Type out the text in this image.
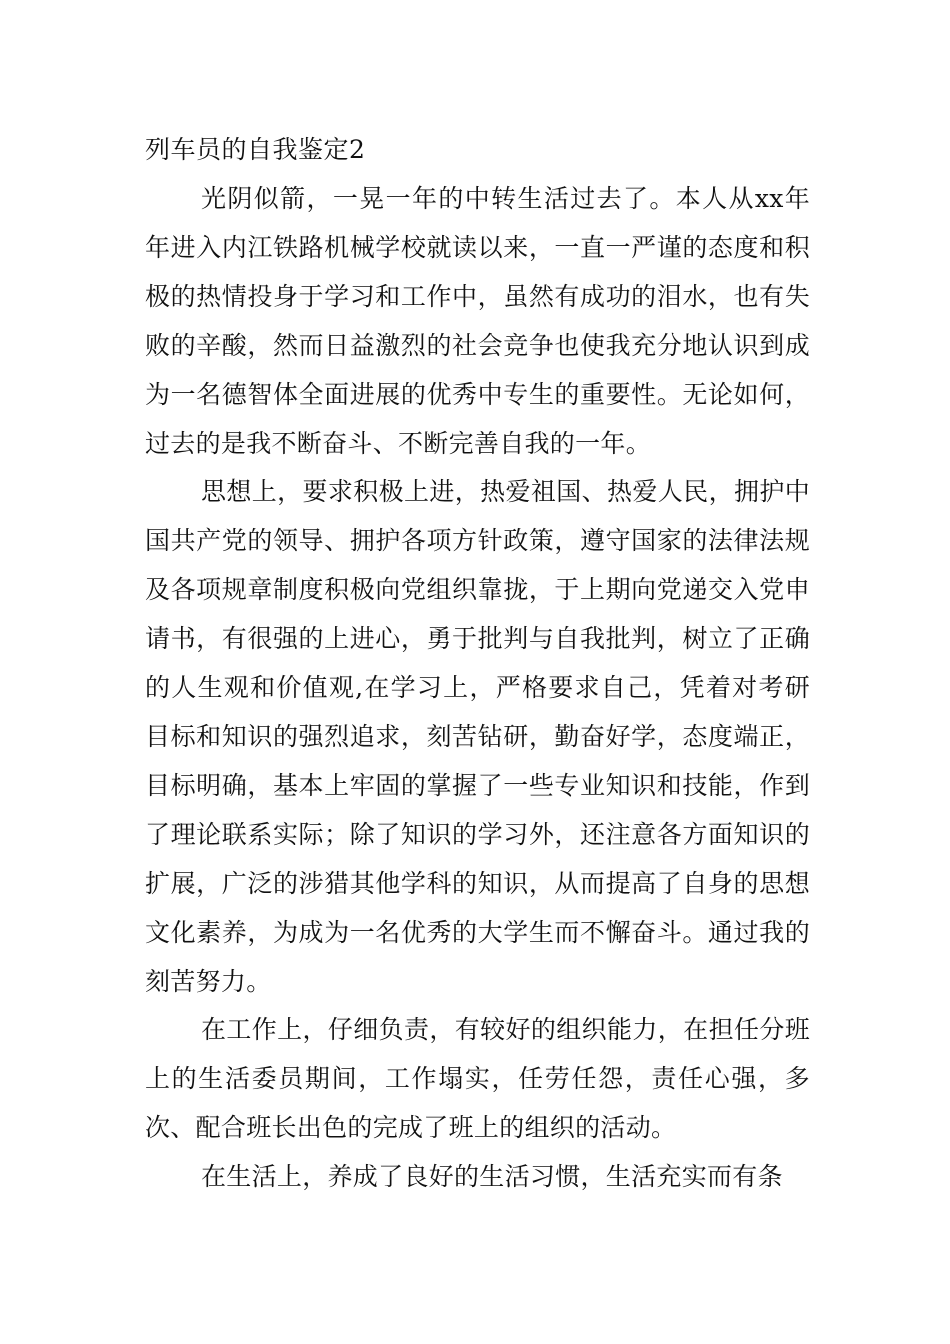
列车员的自我鉴定2

光阴似箭，一晃一年的中转生活过去了。本人从xx年年进入内江铁路机械学校就读以来，一直一严谨的态度和积极的热情投身于学习和工作中，虽然有成功的泪水，也有失败的辛酸，然而日益激烈的社会竞争也使我充分地认识到成为一名德智体全面进展的优秀中专生的重要性。无论如何，过去的是我不断奋斗、不断完善自我的一年。

思想上，要求积极上进，热爱祖国、热爱人民，拥护中国共产党的领导、拥护各项方针政策，遵守国家的法律法规及各项规章制度积极向党组织靠拢，于上期向党递交入党申请书，有很强的上进心，勇于批判与自我批判，树立了正确的人生观和价值观,在学习上，严格要求自己，凭着对考研目标和知识的强烈追求，刻苦钻研，勤奋好学，态度端正，目标明确，基本上牢固的掌握了一些专业知识和技能，作到了理论联系实际；除了知识的学习外，还注意各方面知识的扩展，广泛的涉猎其他学科的知识，从而提高了自身的思想文化素养，为成为一名优秀的大学生而不懈奋斗。通过我的刻苦努力。

在工作上，仔细负责，有较好的组织能力，在担任分班上的生活委员期间，工作塌实，任劳任怨，责任心强，多次、配合班长出色的完成了班上的组织的活动。

在生活上，养成了良好的生活习惯，生活充实而有条
